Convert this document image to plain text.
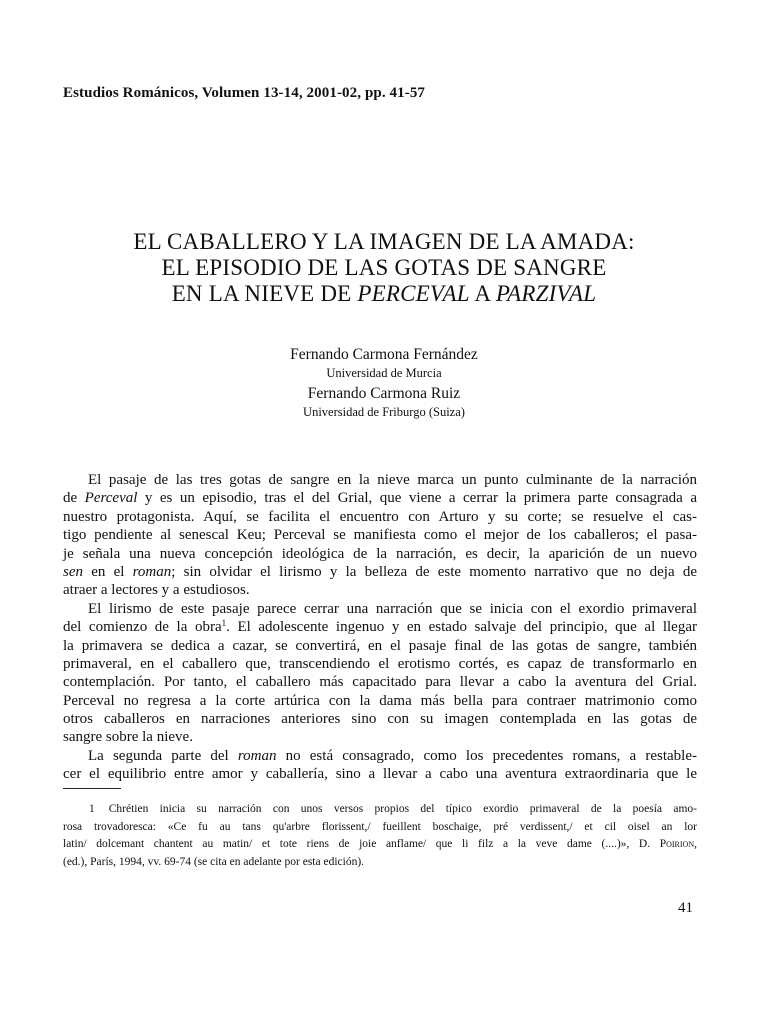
Estudios Románicos, Volumen 13-14, 2001-02, pp. 41-57
EL CABALLERO Y LA IMAGEN DE LA AMADA:
EL EPISODIO DE LAS GOTAS DE SANGRE
EN LA NIEVE DE PERCEVAL A PARZIVAL
Fernando Carmona Fernández
Universidad de Murcia
Fernando Carmona Ruiz
Universidad de Friburgo (Suiza)
El pasaje de las tres gotas de sangre en la nieve marca un punto culminante de la narración
de Perceval y es un episodio, tras el del Grial, que viene a cerrar la primera parte consagrada a
nuestro protagonista. Aquí, se facilita el encuentro con Arturo y su corte; se resuelve el cas-
tigo pendiente al senescal Keu; Perceval se manifiesta como el mejor de los caballeros; el pasa-
je señala una nueva concepción ideológica de la narración, es decir, la aparición de un nuevo
sen en el roman; sin olvidar el lirismo y la belleza de este momento narrativo que no deja de
atraer a lectores y a estudiosos.
El lirismo de este pasaje parece cerrar una narración que se inicia con el exordio primaveral
del comienzo de la obra$^1$. El adolescente ingenuo y en estado salvaje del principio, que al llegar
la primavera se dedica a cazar, se convertirá, en el pasaje final de las gotas de sangre, también
primaveral, en el caballero que, transcendiendo el erotismo cortés, es capaz de transformarlo en
contemplación. Por tanto, el caballero más capacitado para llevar a cabo la aventura del Grial.
Perceval no regresa a la corte artúrica con la dama más bella para contraer matrimonio como
otros caballeros en narraciones anteriores sino con su imagen contemplada en las gotas de
sangre sobre la nieve.
La segunda parte del roman no está consagrado, como los precedentes romans, a restable-
cer el equilibrio entre amor y caballería, sino a llevar a cabo una aventura extraordinaria que le
1 Chrétien inicia su narración con unos versos propios del típico exordio primaveral de la poesía amo-
rosa trovadoresca: «Ce fu au tans qu'arbre florissent,/ fueillent boschaige, pré verdissent,/ et cil oisel an lor
latin/ dolcemant chantent au matin/ et tote riens de joie anflame/ que li filz a la veve dame (....)», D. Poirion,
(ed.), París, 1994, vv. 69-74 (se cita en adelante por esta edición).
41
